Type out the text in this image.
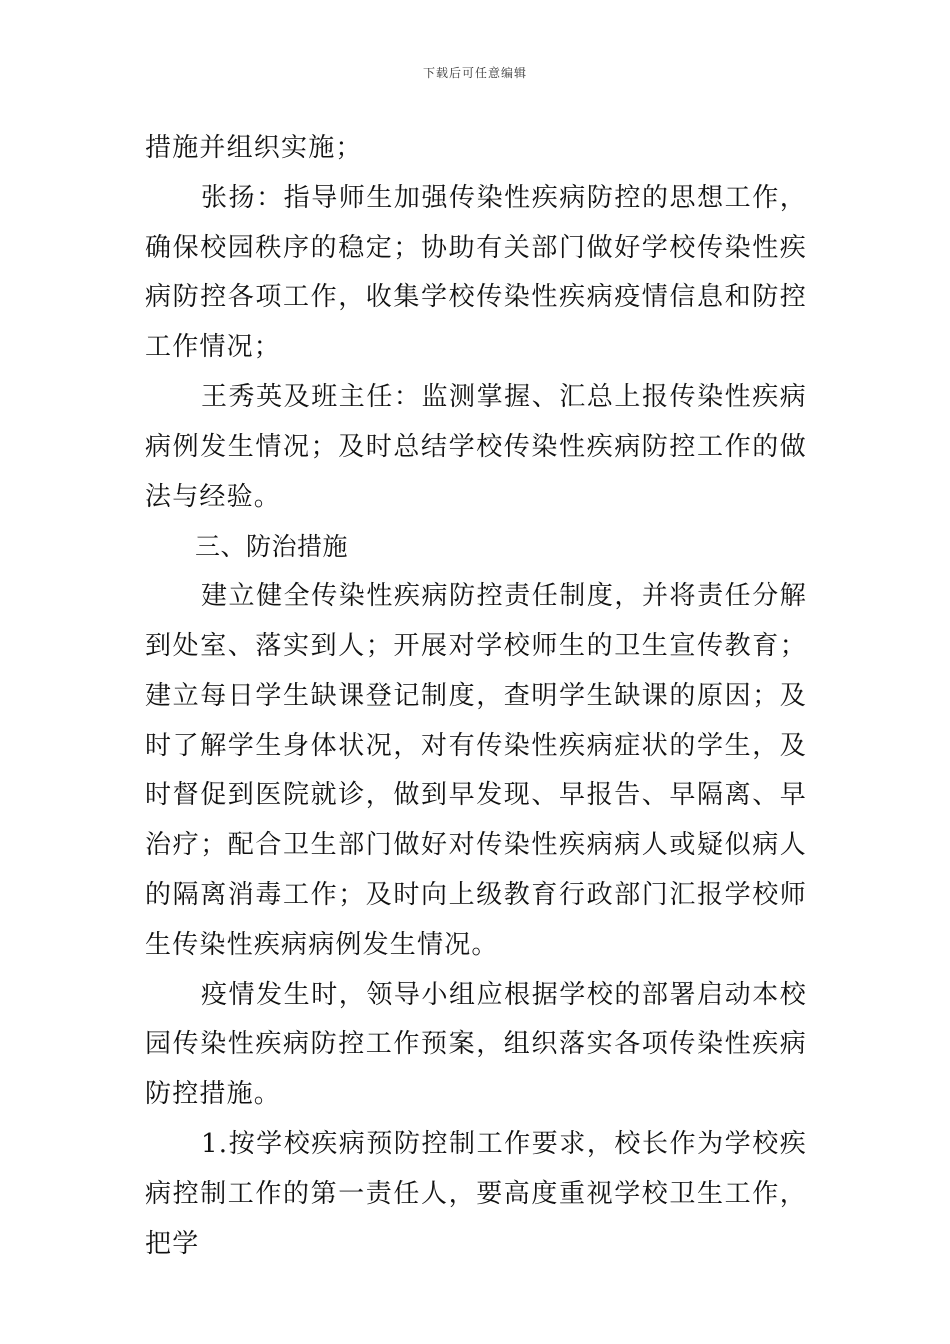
下载后可任意编辑

措施并组织实施；

张扬：指导师生加强传染性疾病防控的思想工作，确保校园秩序的稳定；协助有关部门做好学校传染性疾病防控各项工作，收集学校传染性疾病疫情信息和防控工作情况；

王秀英及班主任：监测掌握、汇总上报传染性疾病病例发生情况；及时总结学校传染性疾病防控工作的做法与经验。

三、防治措施

建立健全传染性疾病防控责任制度，并将责任分解到处室、落实到人；开展对学校师生的卫生宣传教育；建立每日学生缺课登记制度，查明学生缺课的原因；及时了解学生身体状况，对有传染性疾病症状的学生，及时督促到医院就诊，做到早发现、早报告、早隔离、早治疗；配合卫生部门做好对传染性疾病病人或疑似病人的隔离消毒工作；及时向上级教育行政部门汇报学校师生传染性疾病病例发生情况。

疫情发生时，领导小组应根据学校的部署启动本校园传染性疾病防控工作预案，组织落实各项传染性疾病防控措施。

1.按学校疾病预防控制工作要求，校长作为学校疾病控制工作的第一责任人，要高度重视学校卫生工作，把学
